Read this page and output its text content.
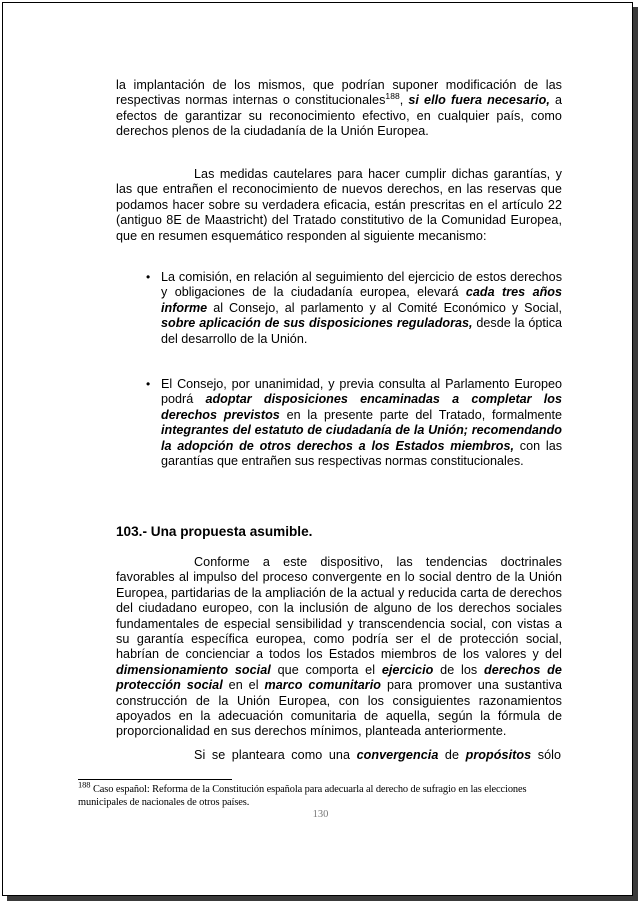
la implantación de los mismos, que podrían suponer modificación de las respectivas normas internas o constitucionales$^{188}$, si ello fuera necesario, a efectos de garantizar su reconocimiento efectivo, en cualquier país, como derechos plenos de la ciudadanía de la Unión Europea.
Las medidas cautelares para hacer cumplir dichas garantías, y las que entrañen el reconocimiento de nuevos derechos, en las reservas que podamos hacer sobre su verdadera eficacia, están prescritas en el artículo 22 (antiguo 8E de Maastricht) del Tratado constitutivo de la Comunidad Europea, que en resumen esquemático responden al siguiente mecanismo:
• La comisión, en relación al seguimiento del ejercicio de estos derechos y obligaciones de la ciudadanía europea, elevará cada tres años informe al Consejo, al parlamento y al Comité Económico y Social, sobre aplicación de sus disposiciones reguladoras, desde la óptica del desarrollo de la Unión.
• El Consejo, por unanimidad, y previa consulta al Parlamento Europeo podrá adoptar disposiciones encaminadas a completar los derechos previstos en la presente parte del Tratado, formalmente integrantes del estatuto de ciudadanía de la Unión; recomendando la adopción de otros derechos a los Estados miembros, con las garantías que entrañen sus respectivas normas constitucionales.
103.- Una propuesta asumible.
Conforme a este dispositivo, las tendencias doctrinales favorables al impulso del proceso convergente en lo social dentro de la Unión Europea, partidarias de la ampliación de la actual y reducida carta de derechos del ciudadano europeo, con la inclusión de alguno de los derechos sociales fundamentales de especial sensibilidad y transcendencia social, con vistas a su garantía específica europea, como podría ser el de protección social, habrían de concienciar a todos los Estados miembros de los valores y del dimensionamiento social que comporta el ejercicio de los derechos de protección social en el marco comunitario para promover una sustantiva construcción de la Unión Europea, con los consiguientes razonamientos apoyados en la adecuación comunitaria de aquella, según la fórmula de proporcionalidad en sus derechos mínimos, planteada anteriormente.
Si se planteara como una convergencia de propósitos sólo
$^{188}$ Caso español: Reforma de la Constitución española para adecuarla al derecho de sufragio en las elecciones municipales de nacionales de otros países.
130
